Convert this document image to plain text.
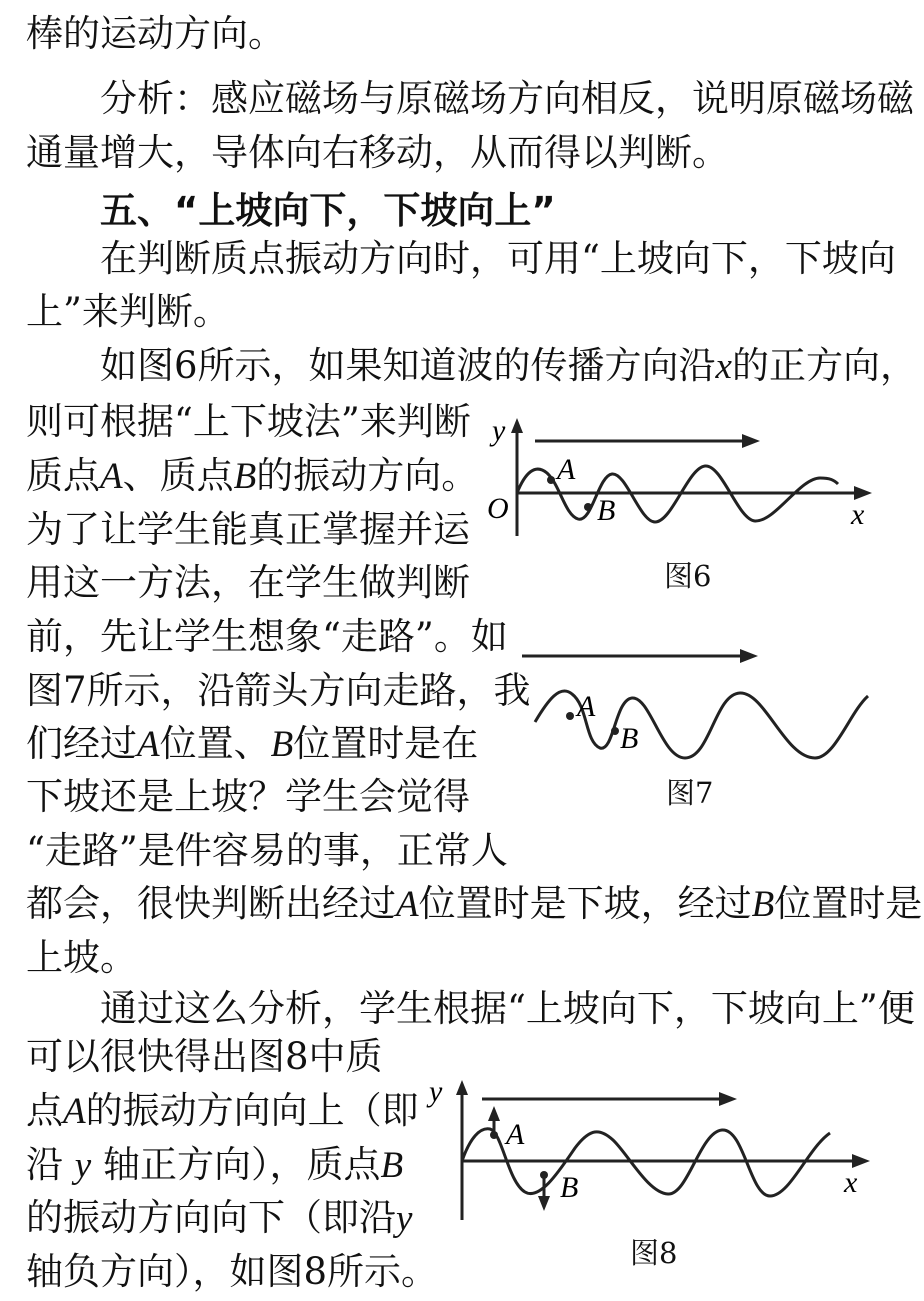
棒的运动方向。
分析：感应磁场与原磁场方向相反，说明原磁场磁
通量增大，导体向右移动，从而得以判断。
五、“上坡向下，下坡向上”
在判断质点振动方向时，可用“上坡向下，下坡向
上”来判断。
如图6所示，如果知道波的传播方向沿x的正方向，
则可根据“上下坡法”来判断
质点A、质点B的振动方向。
为了让学生能真正掌握并运
用这一方法，在学生做判断
前，先让学生想象“走路”。如
图7所示，沿箭头方向走路，我
们经过A位置、B位置时是在
下坡还是上坡？学生会觉得
“走路”是件容易的事，正常人
都会，很快判断出经过A位置时是下坡，经过B位置时是
上坡。
通过这么分析，学生根据“上坡向下，下坡向上”便
可以很快得出图8中质
点A的振动方向向上（即
沿 y 轴正方向），质点B
的振动方向向下（即沿y
轴负方向），如图8所示。
y
O
A
B	x
图6
A
B
图7
y
A
B	x
图8
